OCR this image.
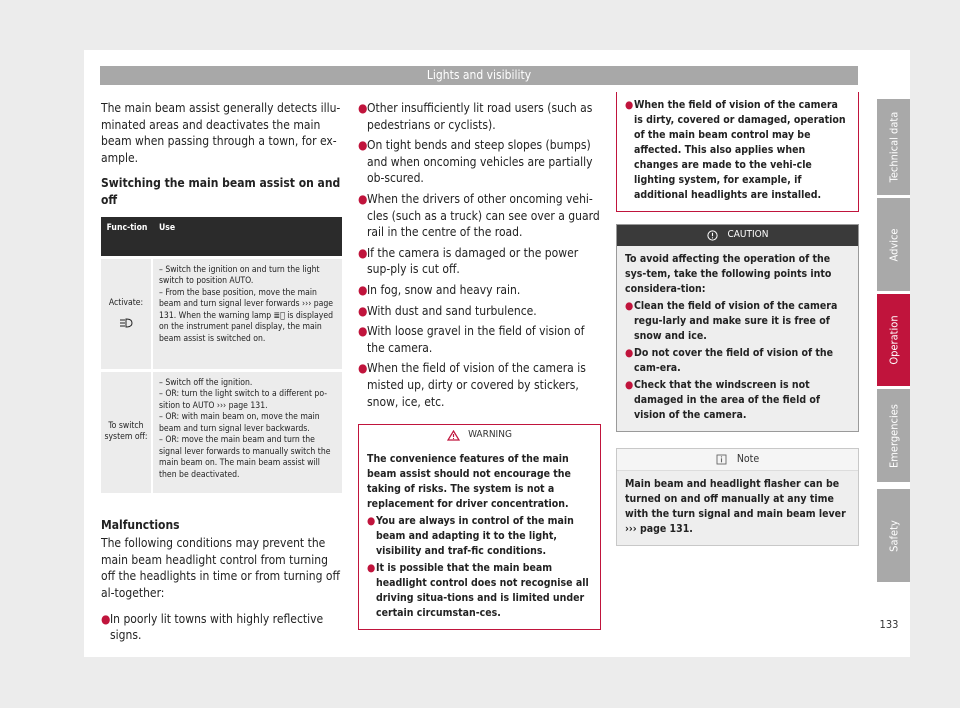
Lights and visibility

The main beam assist generally detects illu-minated areas and deactivates the main beam when passing through a town, for ex-ample.

Switching the main beam assist on and off

Func-tion	Use
Activate:
– Switch the ignition on and turn the light switch to position AUTO.
– From the base position, move the main beam and turn signal lever forwards ››› page 131. When the warning lamp ≣⃝ is displayed on the instrument panel display, the main beam assist is switched on.
To switch system off:
– Switch off the ignition.
– OR: turn the light switch to a different po-sition to AUTO ››› page 131.
– OR: with main beam on, move the main beam and turn signal lever backwards.
– OR: move the main beam and turn the signal lever forwards to manually switch the main beam on. The main beam assist will then be deactivated.

Malfunctions

The following conditions may prevent the main beam headlight control from turning off the headlights in time or from turning off al-together:

● In poorly lit towns with highly reflective signs.
● Other insufficiently lit road users (such as pedestrians or cyclists).
● On tight bends and steep slopes (bumps) and when oncoming vehicles are partially ob-scured.
● When the drivers of other oncoming vehi-cles (such as a truck) can see over a guard rail in the centre of the road.
● If the camera is damaged or the power sup-ply is cut off.
● In fog, snow and heavy rain.
● With dust and sand turbulence.
● With loose gravel in the field of vision of the camera.
● When the field of vision of the camera is misted up, dirty or covered by stickers, snow, ice, etc.
WARNING

The convenience features of the main beam assist should not encourage the taking of risks. The system is not a replacement for driver concentration.

● You are always in control of the main beam and adapting it to the light, visibility and traf-fic conditions.
● It is possible that the main beam headlight control does not recognise all driving situa-tions and is limited under certain circumstan-ces.
● When the field of vision of the camera is dirty, covered or damaged, operation of the main beam control may be affected. This also applies when changes are made to the vehi-cle lighting system, for example, if additional headlights are installed.
CAUTION

To avoid affecting the operation of the sys-tem, take the following points into considera-tion:

● Clean the field of vision of the camera regu-larly and make sure it is free of snow and ice.
● Do not cover the field of vision of the cam-era.
● Check that the windscreen is not damaged in the area of the field of vision of the camera.
Note

Main beam and headlight flasher can be turned on and off manually at any time with the turn signal and main beam lever ››› page 131.

Technical data
Advice
Operation
Emergencies
Safety
133
